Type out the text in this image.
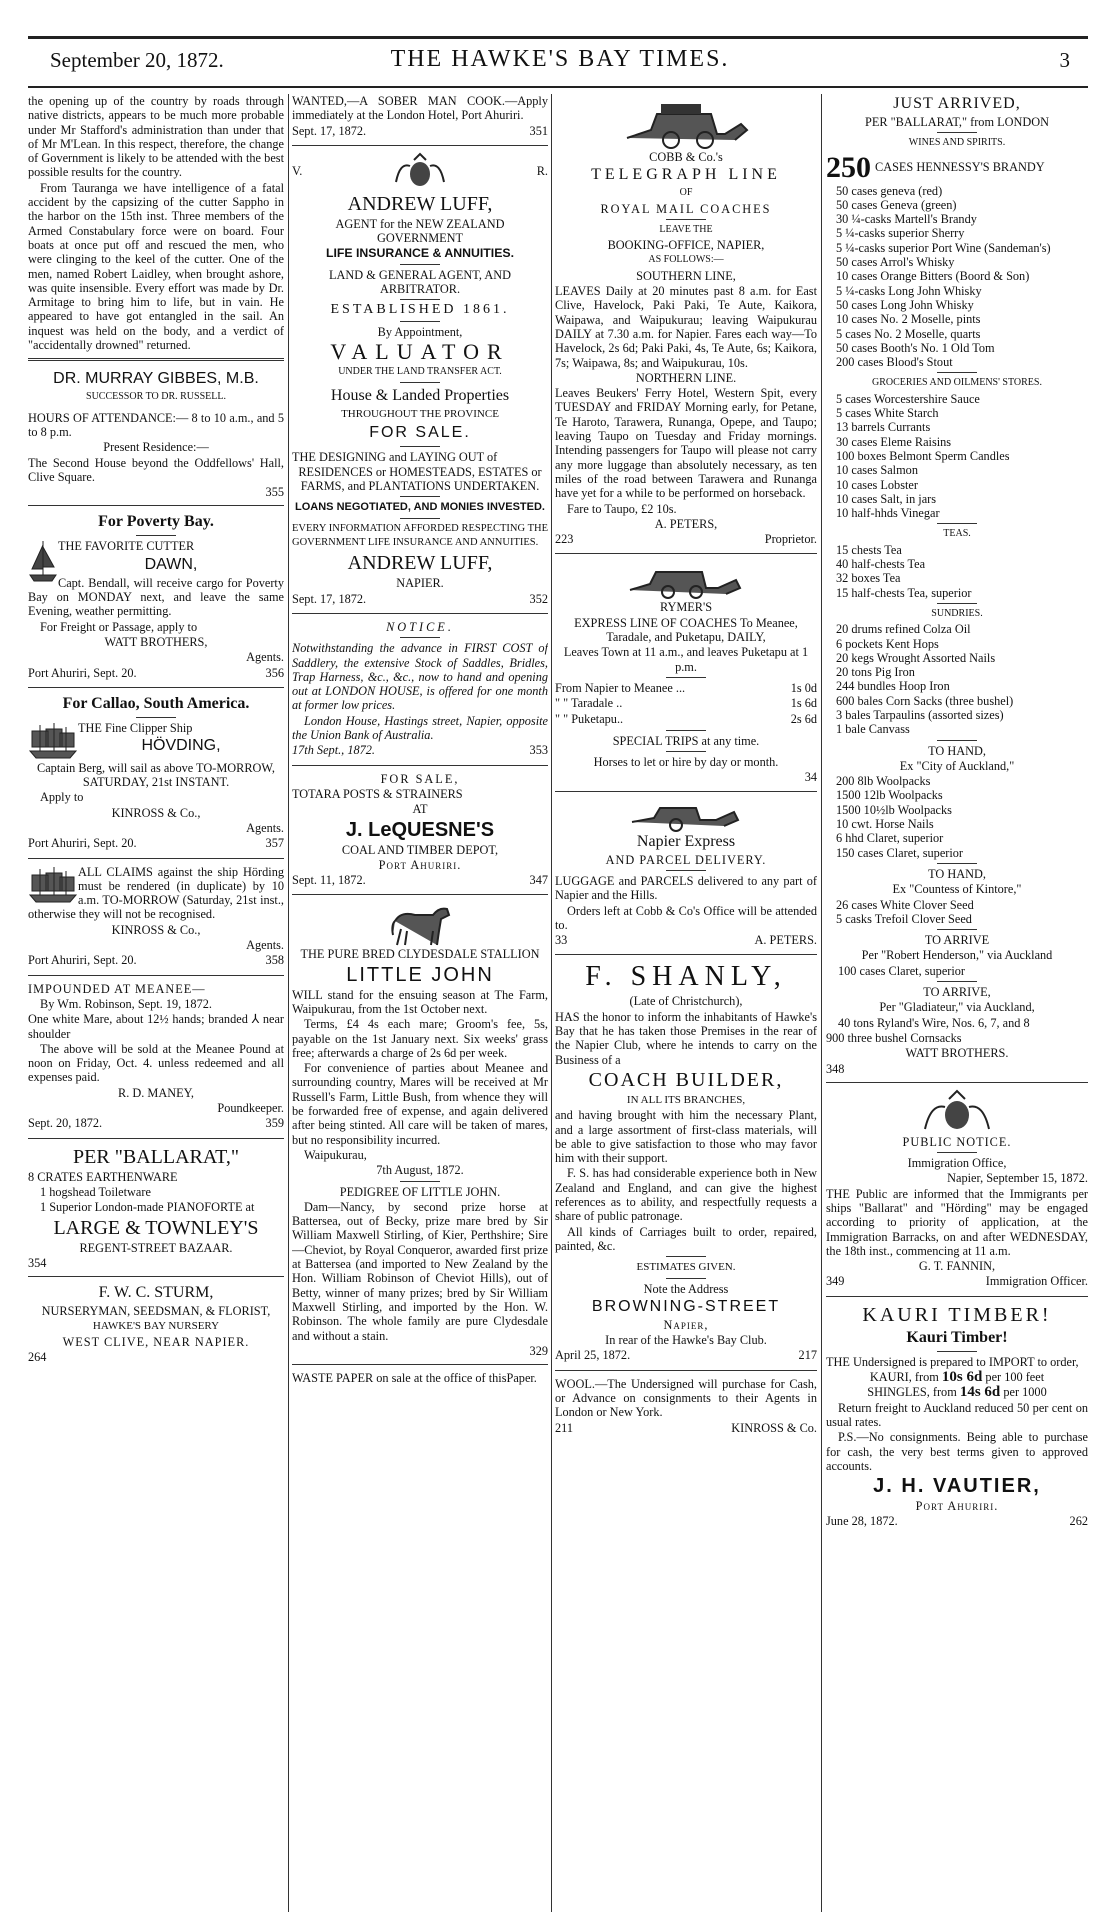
September 20, 1872.	THE HAWKE'S BAY TIMES.	3

the opening up of the country by roads through native districts, appears to be much more probable under Mr Stafford's administration than under that of Mr M'Lean. In this respect, therefore, the change of Government is likely to be attended with the best possible results for the country.

From Tauranga we have intelligence of a fatal accident by the capsizing of the cutter Sappho in the harbor on the 15th inst. Three members of the Armed Constabulary force were on board. Four boats at once put off and rescued the men, who were clinging to the keel of the cutter. One of the men, named Robert Laidley, when brought ashore, was quite insensible. Every effort was made by Dr. Armitage to bring him to life, but in vain. He appeared to have got entangled in the sail. An inquest was held on the body, and a verdict of "accidentally drowned" returned.

DR. MURRAY GIBBES, M.B.

SUCCESSOR TO DR. RUSSELL.

HOURS OF ATTENDANCE:— 8 to 10 a.m., and 5 to 8 p.m.

Present Residence:—

The Second House beyond the Oddfellows' Hall, Clive Square.

355

For Poverty Bay.

THE FAVORITE CUTTER

DAWN,

Capt. Bendall, will receive cargo for Poverty Bay on MONDAY next, and leave the same Evening, weather permitting.

For Freight or Passage, apply to

WATT BROTHERS,

Agents.

Port Ahuriri, Sept. 20.	356

For Callao, South America.

THE Fine Clipper Ship

HÖVDING,

Captain Berg, will sail as above TO-MORROW, SATURDAY, 21st INSTANT.

Apply to

KINROSS & Co.,

Agents.

Port Ahuriri, Sept. 20.	357

ALL CLAIMS against the ship Hörding must be rendered (in duplicate) by 10 a.m. TO-MORROW (Saturday, 21st inst., otherwise they will not be recognised.

KINROSS & Co.,

Agents.

Port Ahuriri, Sept. 20.	358

IMPOUNDED AT MEANEE—

By Wm. Robinson, Sept. 19, 1872.

One white Mare, about 12½ hands; branded ⅄ near shoulder

The above will be sold at the Meanee Pound at noon on Friday, Oct. 4. unless redeemed and all expenses paid.

R. D. MANEY,

Poundkeeper.

Sept. 20, 1872.	359

PER "BALLARAT,"

8 CRATES EARTHENWARE

1 hogshead Toiletware

1 Superior London-made PIANOFORTE at

LARGE & TOWNLEY'S

REGENT-STREET BAZAAR.

354

F. W. C. STURM,

NURSERYMAN, SEEDSMAN, & FLORIST,

HAWKE'S BAY NURSERY

WEST CLIVE, NEAR NAPIER.

264

WANTED,—A SOBER MAN COOK.—Apply immediately at the London Hotel, Port Ahuriri.

Sept. 17, 1872.	351

V.	R.

ANDREW LUFF,

AGENT for the NEW ZEALAND GOVERNMENT

LIFE INSURANCE & ANNUITIES.

LAND & GENERAL AGENT, AND ARBITRATOR.

ESTABLISHED 1861.

By Appointment,

VALUATOR

UNDER THE LAND TRANSFER ACT.

House & Landed Properties

THROUGHOUT THE PROVINCE

FOR SALE.

THE DESIGNING and LAYING OUT of

RESIDENCES or HOMESTEADS, ESTATES or FARMS, and PLANTATIONS UNDERTAKEN.

LOANS NEGOTIATED, AND MONIES INVESTED.

EVERY INFORMATION AFFORDED RESPECTING THE GOVERNMENT LIFE INSURANCE AND ANNUITIES.

ANDREW LUFF,

NAPIER.

Sept. 17, 1872.	352

NOTICE.

Notwithstanding the advance in FIRST COST of Saddlery, the extensive Stock of Saddles, Bridles, Trap Harness, &c., &c., now to hand and opening out at LONDON HOUSE, is offered for one month at former low prices.

London House, Hastings street, Napier, opposite the Union Bank of Australia.

17th Sept., 1872.	353

FOR SALE,

TOTARA POSTS & STRAINERS

AT

J. LeQUESNE'S

COAL AND TIMBER DEPOT,

Port Ahuriri.

Sept. 11, 1872.	347

THE PURE BRED CLYDESDALE STALLION

LITTLE JOHN

WILL stand for the ensuing season at The Farm, Waipukurau, from the 1st October next.

Terms, £4 4s each mare; Groom's fee, 5s, payable on the 1st January next. Six weeks' grass free; afterwards a charge of 2s 6d per week.

For convenience of parties about Meanee and surrounding country, Mares will be received at Mr Russell's Farm, Little Bush, from whence they will be forwarded free of expense, and again delivered after being stinted. All care will be taken of mares, but no responsibility incurred.

Waipukurau,

7th August, 1872.

PEDIGREE OF LITTLE JOHN.

Dam—Nancy, by second prize horse at Battersea, out of Becky, prize mare bred by Sir William Maxwell Stirling, of Kier, Perthshire; Sire—Cheviot, by Royal Conqueror, awarded first prize at Battersea (and imported to New Zealand by the Hon. William Robinson of Cheviot Hills), out of Betty, winner of many prizes; bred by Sir William Maxwell Stirling, and imported by the Hon. W. Robinson. The whole family are pure Clydesdale and without a stain.

329

WASTE PAPER on sale at the office of thisPaper.

COBB & Co.'s

TELEGRAPH LINE

OF

ROYAL MAIL COACHES

LEAVE THE

BOOKING-OFFICE, NAPIER,

AS FOLLOWS:—

SOUTHERN LINE,

LEAVES Daily at 20 minutes past 8 a.m. for East Clive, Havelock, Paki Paki, Te Aute, Kaikora, Waipawa, and Waipukurau; leaving Waipukurau DAILY at 7.30 a.m. for Napier. Fares each way—To Havelock, 2s 6d; Paki Paki, 4s, Te Aute, 6s; Kaikora, 7s; Waipawa, 8s; and Waipukurau, 10s.

NORTHERN LINE.

Leaves Beukers' Ferry Hotel, Western Spit, every TUESDAY and FRIDAY Morning early, for Petane, Te Haroto, Tarawera, Runanga, Opepe, and Taupo; leaving Taupo on Tuesday and Friday mornings. Intending passengers for Taupo will please not carry any more luggage than absolutely necessary, as ten miles of the road between Tarawera and Runanga have yet for a while to be performed on horseback.

Fare to Taupo, £2 10s.

A. PETERS,

223	Proprietor.

RYMER'S

EXPRESS LINE OF COACHES To Meanee, Taradale, and Puketapu, DAILY,

Leaves Town at 11 a.m., and leaves Puketapu at 1 p.m.

From Napier to Meanee ...	1s 0d

" " Taradale ..	1s 6d

" " Puketapu..	2s 6d

SPECIAL TRIPS at any time.

Horses to let or hire by day or month.

34

Napier Express

AND PARCEL DELIVERY.

LUGGAGE and PARCELS delivered to any part of Napier and the Hills.

Orders left at Cobb & Co's Office will be attended to.

33	A. PETERS.

F. SHANLY,

(Late of Christchurch),

HAS the honor to inform the inhabitants of Hawke's Bay that he has taken those Premises in the rear of the Napier Club, where he intends to carry on the Business of a

COACH BUILDER,

IN ALL ITS BRANCHES,

and having brought with him the necessary Plant, and a large assortment of first-class materials, will be able to give satisfaction to those who may favor him with their support.

F. S. has had considerable experience both in New Zealand and England, and can give the highest references as to ability, and respectfully requests a share of public patronage.

All kinds of Carriages built to order, repaired, painted, &c.

ESTIMATES GIVEN.

Note the Address

BROWNING-STREET

Napier,

In rear of the Hawke's Bay Club.

April 25, 1872.	217

WOOL.—The Undersigned will purchase for Cash, or Advance on consignments to their Agents in London or New York.

211	KINROSS & Co.

JUST ARRIVED,

PER "BALLARAT," from LONDON

WINES AND SPIRITS.

250 CASES HENNESSY'S BRANDY

50 cases geneva (red)
50 cases Geneva (green)
30 ¼-casks Martell's Brandy
5 ¼-casks superior Sherry
5 ¼-casks superior Port Wine (Sandeman's)
50 cases Arrol's Whisky
10 cases Orange Bitters (Boord & Son)
5 ¼-casks Long John Whisky
50 cases Long John Whisky
10 cases No. 2 Moselle, pints
5 cases No. 2 Moselle, quarts
50 cases Booth's No. 1 Old Tom
200 cases Blood's Stout

GROCERIES AND OILMENS' STORES.

5 cases Worcestershire Sauce
5 cases White Starch
13 barrels Currants
30 cases Eleme Raisins
100 boxes Belmont Sperm Candles
10 cases Salmon
10 cases Lobster
10 cases Salt, in jars
10 half-hhds Vinegar

TEAS.

15 chests Tea
40 half-chests Tea
32 boxes Tea
15 half-chests Tea, superior

SUNDRIES.

20 drums refined Colza Oil
6 pockets Kent Hops
20 kegs Wrought Assorted Nails
20 tons Pig Iron
244 bundles Hoop Iron
600 bales Corn Sacks (three bushel)
3 bales Tarpaulins (assorted sizes)
1 bale Canvass

TO HAND,

Ex "City of Auckland,"

200 8lb Woolpacks
1500 12lb Woolpacks
1500 10½lb Woolpacks
10 cwt. Horse Nails
6 hhd Claret, superior
150 cases Claret, superior

TO HAND,

Ex "Countess of Kintore,"

26 cases White Clover Seed
5 casks Trefoil Clover Seed

TO ARRIVE

Per "Robert Henderson," via Auckland

100 cases Claret, superior

TO ARRIVE,

Per "Gladiateur," via Auckland,

40 tons Ryland's Wire, Nos. 6, 7, and 8

900 three bushel Cornsacks

WATT BROTHERS.

348

PUBLIC NOTICE.

Immigration Office,

Napier, September 15, 1872.

THE Public are informed that the Immigrants per ships "Ballarat" and "Hörding" may be engaged according to priority of application, at the Immigration Barracks, on and after WEDNESDAY, the 18th inst., commencing at 11 a.m.

G. T. FANNIN,

349	Immigration Officer.

KAURI TIMBER!

Kauri Timber!

THE Undersigned is prepared to IMPORT to order,

KAURI, from 10s 6d per 100 feet

SHINGLES, from 14s 6d per 1000

Return freight to Auckland reduced 50 per cent on usual rates.

P.S.—No consignments. Being able to purchase for cash, the very best terms given to approved accounts.

J. H. VAUTIER,

Port Ahuriri.

June 28, 1872.	262
